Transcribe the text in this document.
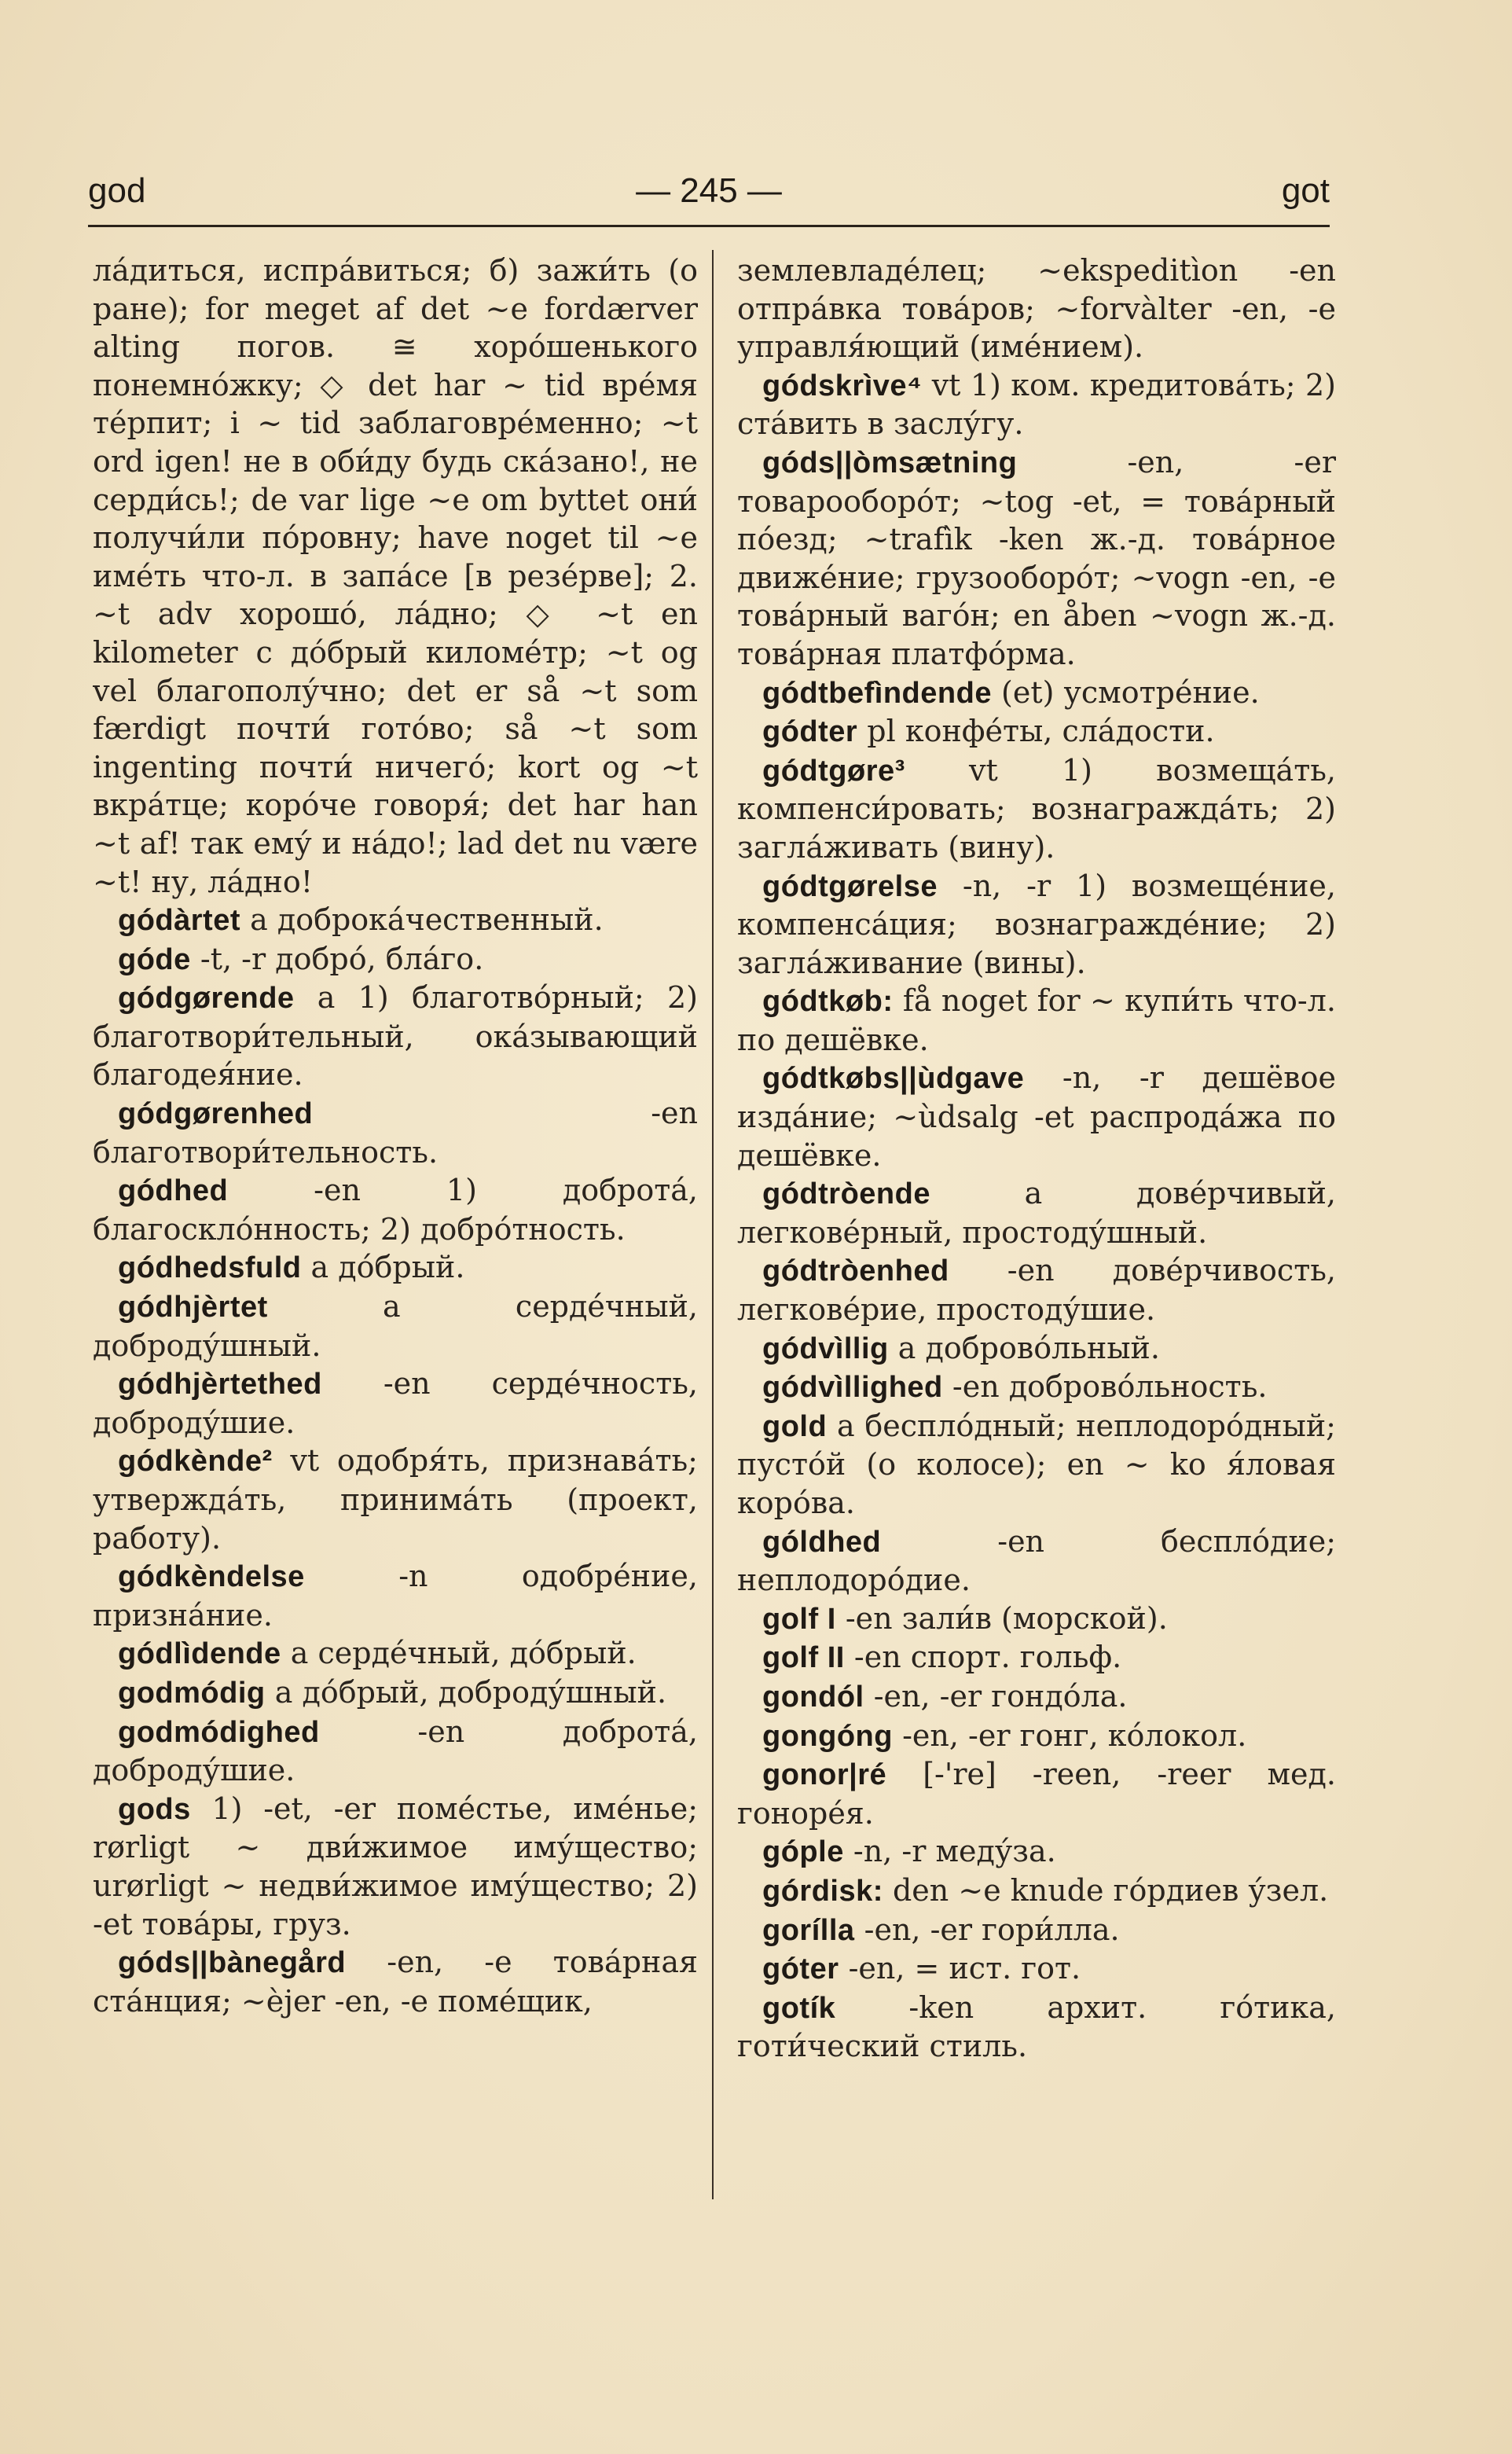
god	— 245 —	got

ла́диться, испра́виться; б) зажи́ть (о ране); for meget af det ~e fordærver alting погов. ≅ хоро́шенького понемно́жку; ◇ det har ~ tid вре́мя те́рпит; i ~ tid заблаговре́менно; ~t ord igen! не в оби́ду будь ска́зано!, не серди́сь!; de var lige ~e om byttet они́ получи́ли по́ровну; have noget til ~e име́ть что-л. в запа́се [в резе́рве]; 2. ~t adv хорошо́, ла́дно; ◇ ~t en kilometer с до́брый киломе́тр; ~t og vel благополу́чно; det er så ~t som færdigt почти́ гото́во; så ~t som ingenting почти́ ничего́; kort og ~t вкра́тце; коро́че говоря́; det har han ~t af! так ему́ и на́до!; lad det nu være ~t! ну, ла́дно!

gódàrtet a доброка́чественный.

góde -t, -r добро́, бла́го.

gódgørende a 1) благотво́рный; 2) благотвори́тельный, ока́зывающий благодея́ние.

gódgørenhed -en благотвори́тельность.

gódhed -en 1) доброта́, благоскло́нность; 2) добро́тность.

gódhedsfuld a до́брый.

gódhjèrtet a серде́чный, доброду́шный.

gódhjèrtethed -en серде́чность, доброду́шие.

gódkènde² vt одобря́ть, признава́ть; утвержда́ть, принима́ть (проект, работу).

gódkèndelse -n одобре́ние, призна́ние.

gódlìdende a серде́чный, до́брый.

godmódig a до́брый, доброду́шный.

godmódighed -en доброта́, доброду́шие.

gods 1) -et, -er поме́стье, име́нье; rørligt ~ дви́жимое иму́щество; urørligt ~ недви́жимое иму́щество; 2) -et това́ры, груз.

góds||bànegård -en, -e това́рная ста́нция; ~èjer -en, -e поме́щик,

землевладе́лец; ~ekspeditìon -en отпра́вка това́ров; ~forvàlter -en, -e управля́ющий (име́нием).

gódskrìve⁴ vt 1) ком. кредитова́ть; 2) ста́вить в заслу́гу.

góds||òmsætning -en, -er товарооборо́т; ~tog -et, = това́рный по́езд; ~trafìk -ken ж.-д. това́рное движе́ние; грузооборо́т; ~vogn -en, -e това́рный ваго́н; en åben ~vogn ж.-д. това́рная платфо́рма.

gódtbefìndende (et) усмотре́ние.

gódter pl конфе́ты, сла́дости.

gódtgøre³ vt 1) возмеща́ть, компенси́ровать; вознагражда́ть; 2) загла́живать (вину).

gódtgørelse -n, -r 1) возмеще́ние, компенса́ция; вознагражде́ние; 2) загла́живание (вины).

gódtkøb: få noget for ~ купи́ть что-л. по дешёвке.

gódtkøbs||ùdgave -n, -r дешёвое изда́ние; ~ùdsalg -et распрода́жа по дешёвке.

gódtròende a дове́рчивый, легкове́рный, простоду́шный.

gódtròenhed -en дове́рчивость, легкове́рие, простоду́шие.

gódvìllig a доброво́льный.

gódvìllighed -en доброво́льность.

gold a беспло́дный; неплодоро́дный; пусто́й (о колосе); en ~ ko я́ловая коро́ва.

góldhed -en беспло́дие; неплодоро́дие.

golf I -en зали́в (морской).

golf II -en спорт. гольф.

gondól -en, -er гондо́ла.

gongóng -en, -er гонг, ко́локол.

gonor|ré [-'re] -reen, -reer мед. гоноре́я.

góple -n, -r меду́за.

górdisk: den ~e knude го́рдиев у́зел.

gorílla -en, -er гори́лла.

góter -en, = ист. гот.

gotík -ken архит. го́тика, готи́ческий стиль.
